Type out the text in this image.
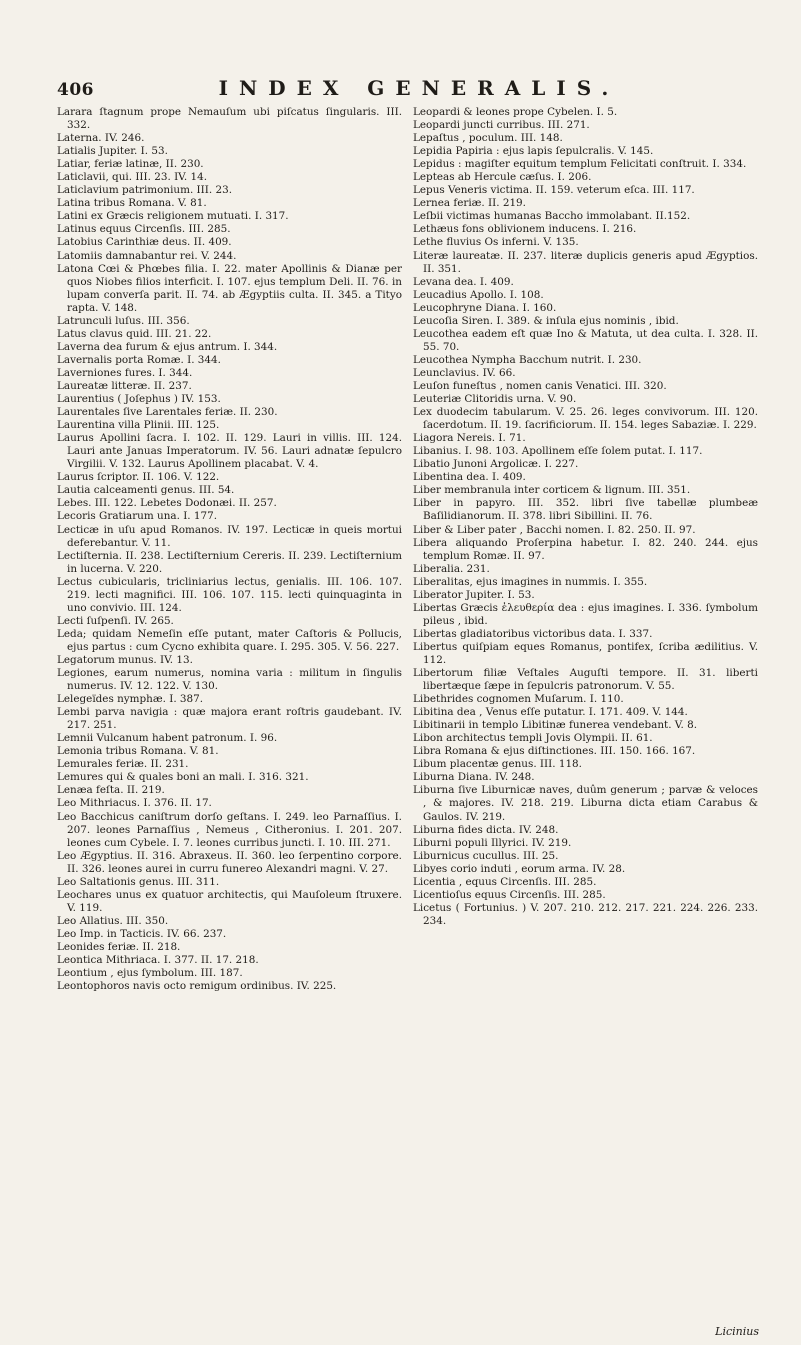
406	INDEX GENERALIS.

Larara ſtagnum prope Nemauſum ubi piſcatus ſingularis. III. 332.

Laterna. IV. 246.

Latialis Jupiter. I. 53.

Latiar, feriæ latinæ, II. 230.

Laticlavii, qui. III. 23. IV. 14.

Laticlavium patrimonium. III. 23.

Latina tribus Romana. V. 81.

Latini ex Græcis religionem mutuati. I. 317.

Latinus equus Circenſis. III. 285.

Latobius Carinthiæ deus. II. 409.

Latomiis damnabantur rei. V. 244.

Latona Cœi & Phœbes filia. I. 22. mater Apollinis & Dianæ per quos Niobes filios interficit. I. 107. ejus templum Deli. II. 76. in lupam converſa parit. II. 74. ab Ægyptiis culta. II. 345. a Tityo rapta. V. 148.

Latrunculi luſus. III. 356.

Latus clavus quid. III. 21. 22.

Laverna dea furum & ejus antrum. I. 344.

Lavernalis porta Romæ. I. 344.

Laverniones fures. I. 344.

Laureatæ litteræ. II. 237.

Laurentius ( Joſephus ) IV. 153.

Laurentales ſive Larentales feriæ. II. 230.

Laurentina villa Plinii. III. 125.

Laurus Apollini ſacra. I. 102. II. 129. Lauri in villis. III. 124. Lauri ante Januas Imperatorum. IV. 56. Lauri adnatæ ſepulcro Virgilii. V. 132. Laurus Apollinem placabat. V. 4.

Laurus ſcriptor. II. 106. V. 122.

Lautia calceamenti genus. III. 54.

Lebes. III. 122. Lebetes Dodonæi. II. 257.

Lecoris Gratiarum una. I. 177.

Lecticæ in uſu apud Romanos. IV. 197. Lecticæ in queis mortui deferebantur. V. 11.

Lectiſternia. II. 238. Lectiſternium Cereris. II. 239. Lectiſternium in lucerna. V. 220.

Lectus cubicularis, tricliniarius lectus, genialis. III. 106. 107. 219. lecti magnifici. III. 106. 107. 115. lecti quinquaginta in uno convivio. III. 124.

Lecti ſuſpenſi. IV. 265.

Leda; quidam Nemeſin eſſe putant, mater Caſtoris & Pollucis, ejus partus : cum Cycno exhibita quare. I. 295. 305. V. 56. 227.

Legatorum munus. IV. 13.

Legiones, earum numerus, nomina varia : militum in ſingulis numerus. IV. 12. 122. V. 130.

Lelegeïdes nymphæ. I. 387.

Lembi parva navigia : quæ majora erant roſtris gaudebant. IV. 217. 251.

Lemnii Vulcanum habent patronum. I. 96.

Lemonia tribus Romana. V. 81.

Lemurales feriæ. II. 231.

Lemures qui & quales boni an mali. I. 316. 321.

Lenæa feſta. II. 219.

Leo Mithriacus. I. 376. II. 17.

Leo Bacchicus caniſtrum dorſo geſtans. I. 249. leo Parnaſſius. I. 207. leones Parnaſſius , Nemeus , Citheronius. I. 201. 207. leones cum Cybele. I. 7. leones curribus juncti. I. 10. III. 271.

Leo Ægyptius. II. 316. Abraxeus. II. 360. leo ſerpentino corpore. II. 326. leones aurei in curru funereo Alexandri magni. V. 27.

Leo Saltationis genus. III. 311.

Leochares unus ex quatuor architectis, qui Mauſoleum ſtruxere. V. 119.

Leo Allatius. III. 350.

Leo Imp. in Tacticis. IV. 66. 237.

Leonides feriæ. II. 218.

Leontica Mithriaca. I. 377. II. 17. 218.

Leontium , ejus ſymbolum. III. 187.

Leontophoros navis octo remigum ordinibus. IV. 225.

Leopardi & leones prope Cybelen. I. 5.

Leopardi juncti curribus. III. 271.

Lepaſtus , poculum. III. 148.

Lepidia Papiria : ejus lapis ſepulcralis. V. 145.

Lepidus : magiſter equitum templum Felicitati conſtruit. I. 334.

Lepteas ab Hercule cæſus. I. 206.

Lepus Veneris victima. II. 159. veterum eſca. III. 117.

Lernea feriæ. II. 219.

Leſbii victimas humanas Baccho immolabant. II.152.

Lethæus fons oblivionem inducens. I. 216.

Lethe fluvius Os inferni. V. 135.

Literæ laureatæ. II. 237. literæ duplicis generis apud Ægyptios. II. 351.

Levana dea. I. 409.

Leucadius Apollo. I. 108.

Leucophryne Diana. I. 160.

Leucoſia Siren. I. 389. & inſula ejus nominis , ibid.

Leucothea eadem eſt quæ Ino & Matuta, ut dea culta. I. 328. II. 55. 70.

Leucothea Nympha Bacchum nutrit. I. 230.

Leunclavius. IV. 66.

Leuſon funeſtus , nomen canis Venatici. III. 320.

Leuteriæ Clitoridis urna. V. 90.

Lex duodecim tabularum. V. 25. 26. leges convivorum. III. 120. ſacerdotum. II. 19. ſacrificiorum. II. 154. leges Sabaziæ. I. 229.

Liagora Nereis. I. 71.

Libanius. I. 98. 103. Apollinem eſſe ſolem putat. I. 117.

Libatio Junoni Argolicæ. I. 227.

Libentina dea. I. 409.

Liber membranula inter corticem & lignum. III. 351.

Liber in papyro. III. 352. libri ſive tabellæ plumbeæ Baſilidianorum. II. 378. libri Sibillini. II. 76.

Liber & Liber pater , Bacchi nomen. I. 82. 250. II. 97.

Libera aliquando Proſerpina habetur. I. 82. 240. 244. ejus templum Romæ. II. 97.

Liberalia. 231.

Liberalitas, ejus imagines in nummis. I. 355.

Liberator Jupiter. I. 53.

Libertas Græcis ἐλευθερία dea : ejus imagines. I. 336. ſymbolum pileus , ibid.

Libertas gladiatoribus victoribus data. I. 337.

Libertus quiſpiam eques Romanus, pontifex, ſcriba ædilitius. V. 112.

Libertorum filiæ Veſtales Auguſti tempore. II. 31. liberti libertæque ſæpe in ſepulcris patronorum. V. 55.

Libethrides cognomen Muſarum. I. 110.

Libitina dea , Venus eſſe putatur. I. 171. 409. V. 144.

Libitinarii in templo Libitinæ funerea vendebant. V. 8.

Libon architectus templi Jovis Olympii. II. 61.

Libra Romana & ejus diſtinctiones. III. 150. 166. 167.

Libum placentæ genus. III. 118.

Liburna Diana. IV. 248.

Liburna ſive Liburnicæ naves, duûm generum ; parvæ & veloces , & majores. IV. 218. 219. Liburna dicta etiam Carabus & Gaulos. IV. 219.

Liburna fides dicta. IV. 248.

Liburni populi Illyrici. IV. 219.

Liburnicus cucullus. III. 25.

Libyes corio induti , eorum arma. IV. 28.

Licentia , equus Circenſis. III. 285.

Licentioſus equus Circenſis. III. 285.

Licetus ( Fortunius. ) V. 207. 210. 212. 217. 221. 224. 226. 233. 234.

Licinius
